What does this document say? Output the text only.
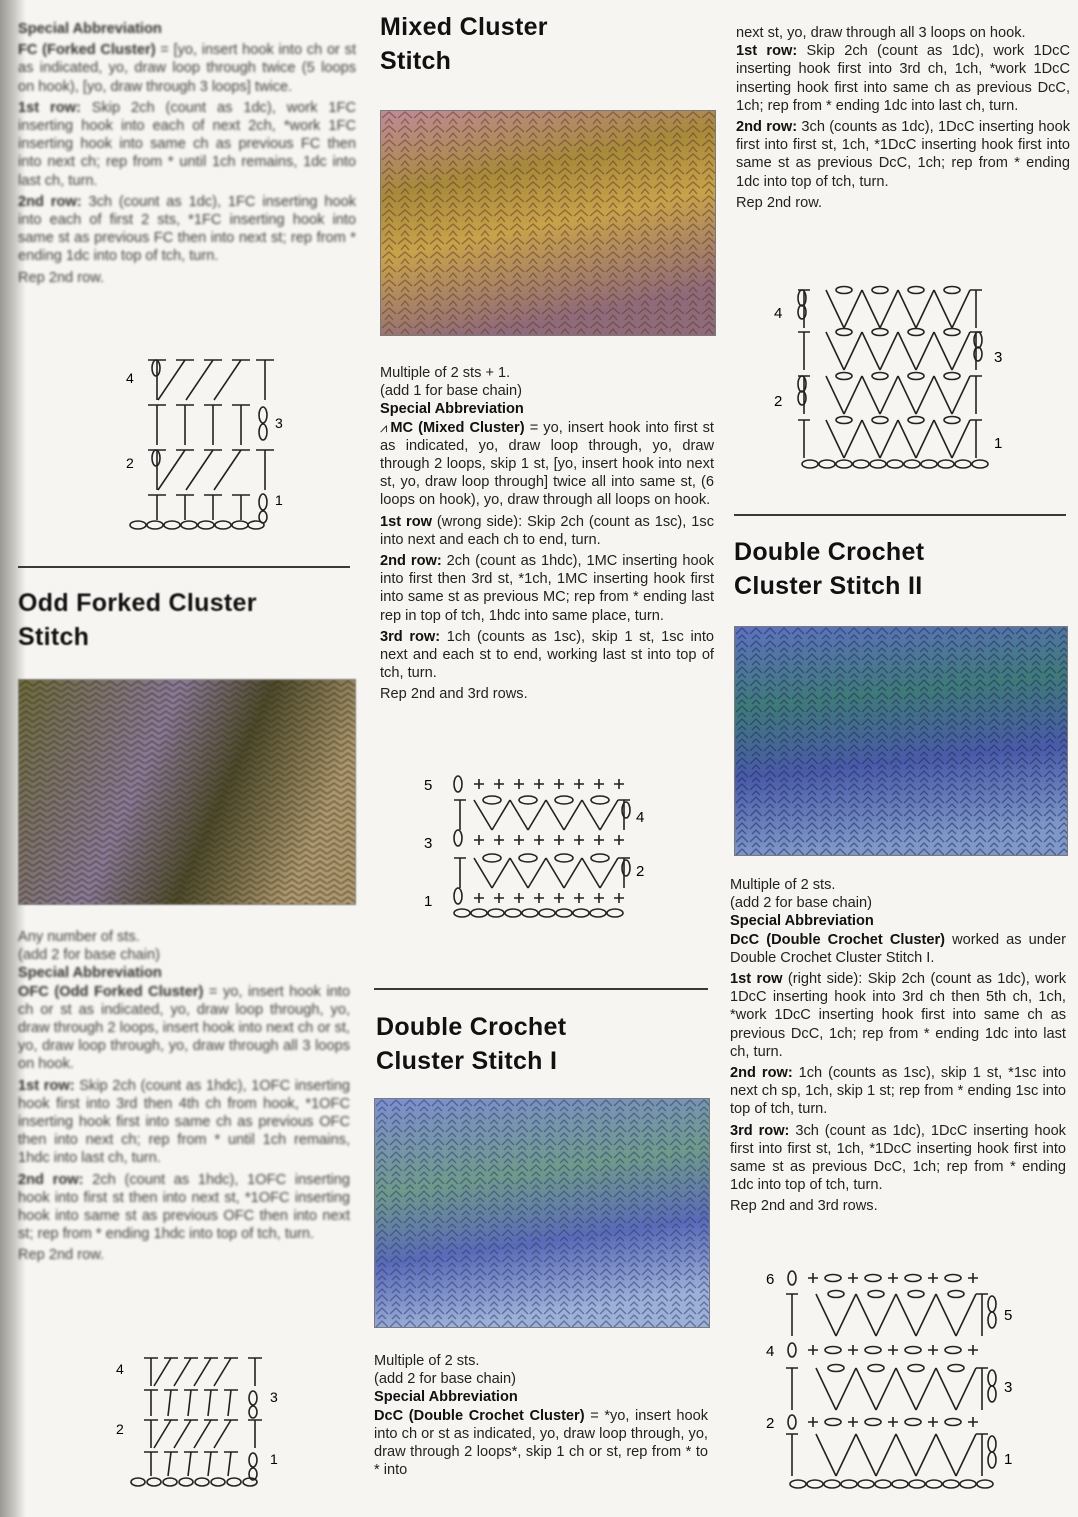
Special Abbreviation

FC (Forked Cluster) = [yo, insert hook into ch or st as indicated, yo, draw loop through twice (5 loops on hook), [yo, draw through 3 loops] twice.

1st row: Skip 2ch (count as 1dc), work 1FC inserting hook into each of next 2ch, *work 1FC inserting hook into same ch as previous FC then into next ch; rep from * until 1ch remains, 1dc into last ch, turn.

2nd row: 3ch (count as 1dc), 1FC inserting hook into each of first 2 sts, *1FC inserting hook into same st as previous FC then into next st; rep from * ending 1dc into top of tch, turn.

Rep 2nd row.

4
3
2
1
Odd Forked Cluster
Stitch

Any number of sts.

(add 2 for base chain)

Special Abbreviation

OFC (Odd Forked Cluster) = yo, insert hook into ch or st as indicated, yo, draw loop through, yo, draw through 2 loops, insert hook into next ch or st, yo, draw loop through, yo, draw through all 3 loops on hook.

1st row: Skip 2ch (count as 1hdc), 1OFC inserting hook first into 3rd then 4th ch from hook, *1OFC inserting hook first into same ch as previous OFC then into next ch; rep from * until 1ch remains, 1hdc into last ch, turn.

2nd row: 2ch (count as 1hdc), 1OFC inserting hook into first st then into next st, *1OFC inserting hook into same st as previous OFC then into next st; rep from * ending 1hdc into top of tch, turn.

Rep 2nd row.

4
3
2
1
Mixed Cluster
Stitch

Multiple of 2 sts + 1.

(add 1 for base chain)

Special Abbreviation

⩘ MC (Mixed Cluster) = yo, insert hook into first st as indicated, yo, draw loop through, yo, draw through 2 loops, skip 1 st, [yo, insert hook into next st, yo, draw loop through] twice all into same st, (6 loops on hook), yo, draw through all loops on hook.

1st row (wrong side): Skip 2ch (count as 1sc), 1sc into next and each ch to end, turn.

2nd row: 2ch (count as 1hdc), 1MC inserting hook into first then 3rd st, *1ch, 1MC inserting hook first into same st as previous MC; rep from * ending last rep in top of tch, 1hdc into same place, turn.

3rd row: 1ch (counts as 1sc), skip 1 st, 1sc into next and each st to end, working last st into top of tch, turn.

Rep 2nd and 3rd rows.

5
4
3
2
1
Double Crochet
Cluster Stitch I

Multiple of 2 sts.

(add 2 for base chain)

Special Abbreviation

DcC (Double Crochet Cluster) = *yo, insert hook into ch or st as indicated, yo, draw loop through, yo, draw through 2 loops*, skip 1 ch or st, rep from * to * into

next st, yo, draw through all 3 loops on hook.

1st row: Skip 2ch (count as 1dc), work 1DcC inserting hook first into 3rd ch, 1ch, *work 1DcC inserting hook first into same ch as previous DcC, 1ch; rep from * ending 1dc into last ch, turn.

2nd row: 3ch (counts as 1dc), 1DcC inserting hook first into first st, 1ch, *1DcC inserting hook first into same st as previous DcC, 1ch; rep from * ending 1dc into top of tch, turn.

Rep 2nd row.

4
3
2
1
Double Crochet
Cluster Stitch II

Multiple of 2 sts.

(add 2 for base chain)

Special Abbreviation

DcC (Double Crochet Cluster) worked as under Double Crochet Cluster Stitch I.

1st row (right side): Skip 2ch (count as 1dc), work 1DcC inserting hook into 3rd ch then 5th ch, 1ch, *work 1DcC inserting hook first into same ch as previous DcC, 1ch; rep from * ending 1dc into last ch, turn.

2nd row: 1ch (counts as 1sc), skip 1 st, *1sc into next ch sp, 1ch, skip 1 st; rep from * ending 1sc into top of tch, turn.

3rd row: 3ch (count as 1dc), 1DcC inserting hook first into first st, 1ch, *1DcC inserting hook first into same st as previous DcC, 1ch; rep from * ending 1dc into top of tch, turn.

Rep 2nd and 3rd rows.

6
5
4
3
2
1
